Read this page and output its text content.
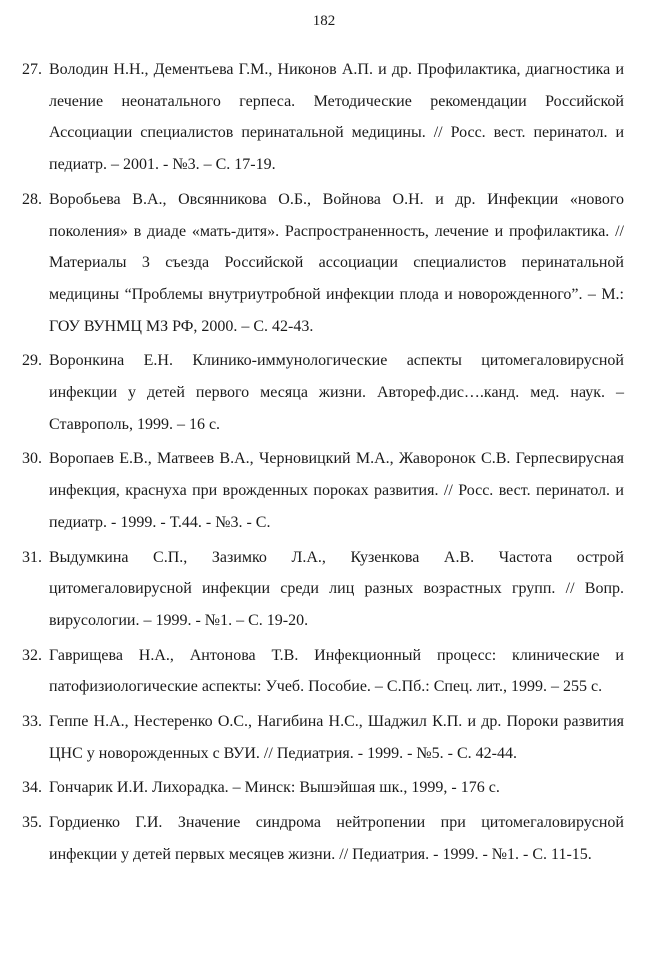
182
27. Володин Н.Н., Дементьева Г.М., Никонов А.П. и др. Профилактика, диагностика и лечение неонатального герпеса. Методические рекомендации Российской Ассоциации специалистов перинатальной медицины. // Росс. вест. перинатол. и педиатр. – 2001. - №3. – С. 17-19.
28. Воробьева В.А., Овсянникова О.Б., Войнова О.Н. и др. Инфекции «нового поколения» в диаде «мать-дитя». Распространенность, лечение и профилактика. // Материалы 3 съезда Российской ассоциации специалистов перинатальной медицины “Проблемы внутриутробной инфекции плода и новорожденного”. – М.: ГОУ ВУНМЦ МЗ РФ, 2000. – С. 42-43.
29. Воронкина Е.Н. Клинико-иммунологические аспекты цитомегаловирусной инфекции у детей первого месяца жизни. Автореф.дис….канд. мед. наук. – Ставрополь, 1999. – 16 с.
30. Воропаев Е.В., Матвеев В.А., Черновицкий М.А., Жаворонок С.В. Герпесвирусная инфекция, краснуха при врожденных пороках развития. // Росс. вест. перинатол. и педиатр. - 1999. - Т.44. - №3. - С.
31. Выдумкина С.П., Зазимко Л.А., Кузенкова А.В. Частота острой цитомегаловирусной инфекции среди лиц разных возрастных групп. // Вопр. вирусологии. – 1999. - №1. – С. 19-20.
32. Гаврищева Н.А., Антонова Т.В. Инфекционный процесс: клинические и патофизиологические аспекты: Учеб. Пособие. – С.Пб.: Спец. лит., 1999. – 255 с.
33. Геппе Н.А., Нестеренко О.С., Нагибина Н.С., Шаджил К.П. и др. Пороки развития ЦНС у новорожденных с ВУИ. // Педиатрия. - 1999. - №5. - С. 42-44.
34. Гончарик И.И. Лихорадка. – Минск: Вышэйшая шк., 1999, - 176 с.
35. Гордиенко Г.И. Значение синдрома нейтропении при цитомегаловирусной инфекции у детей первых месяцев жизни. // Педиатрия. - 1999. - №1. - С. 11-15.
